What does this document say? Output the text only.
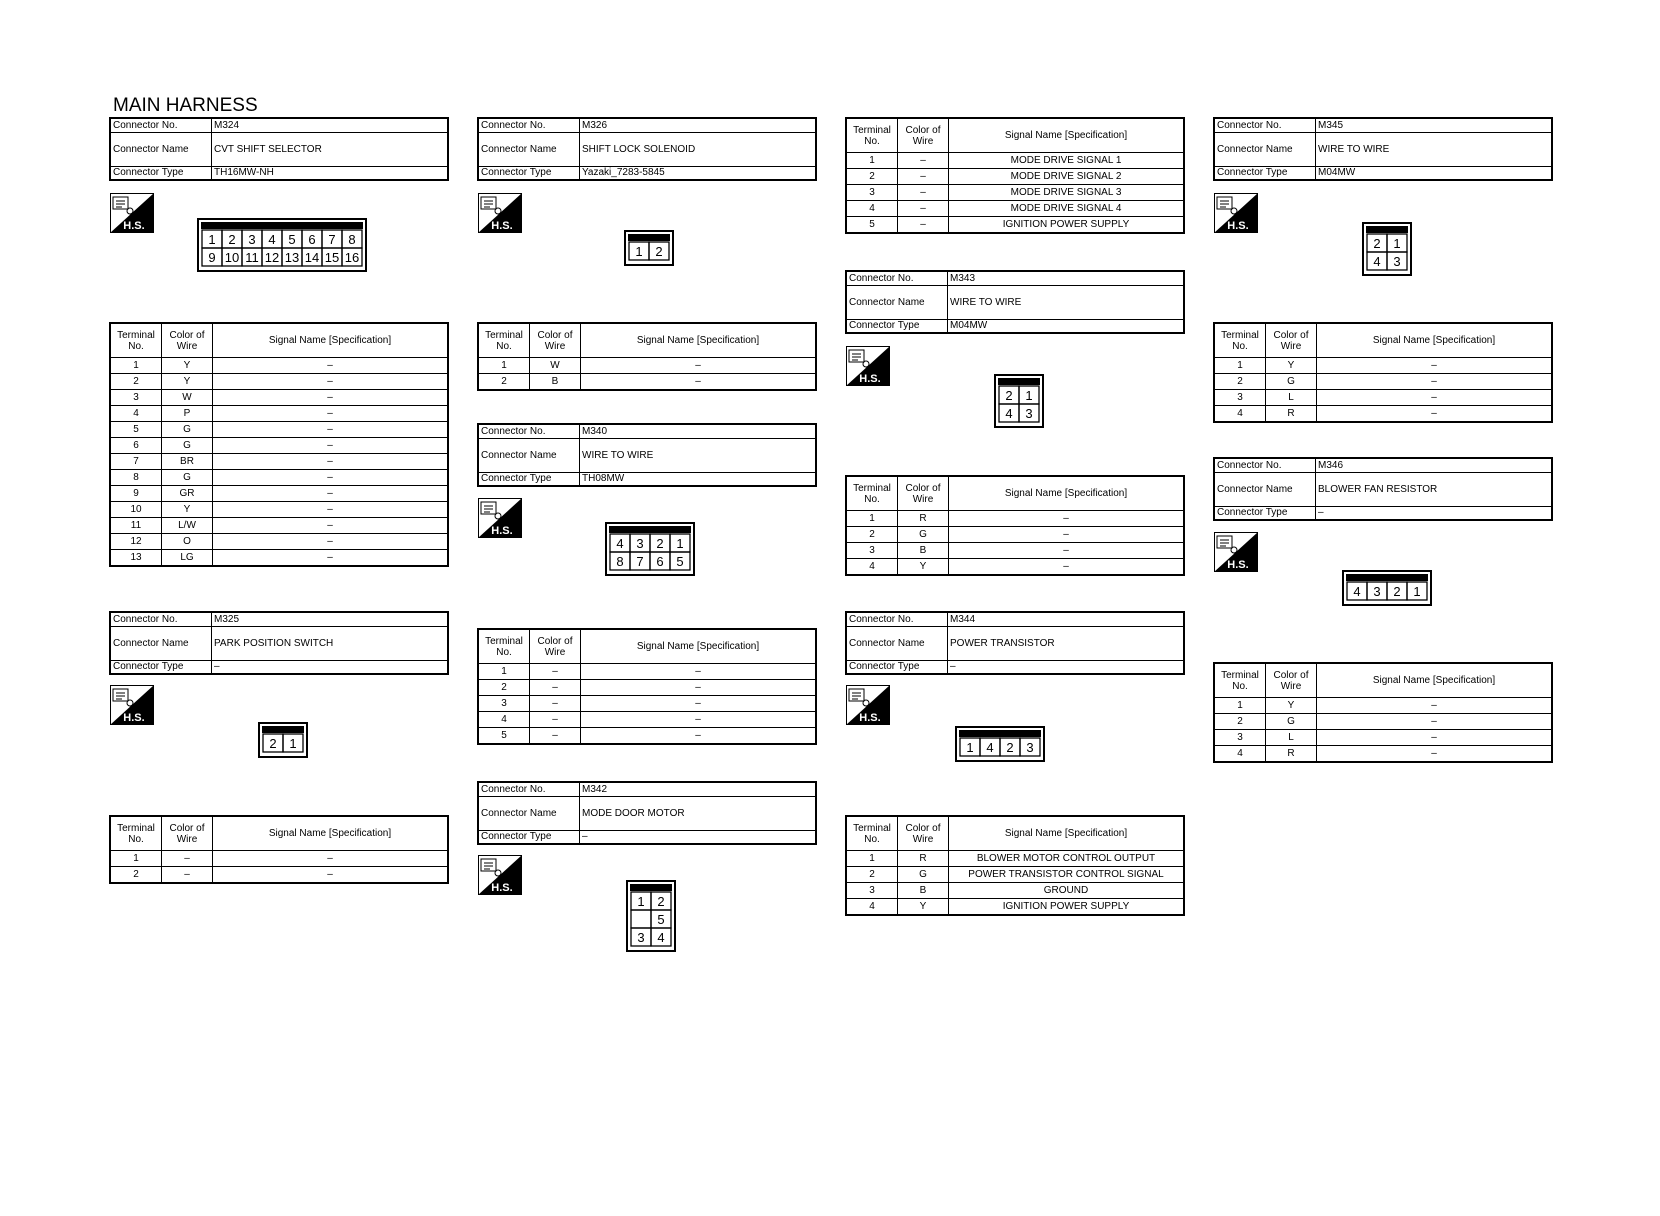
MAIN HARNESS
Connector No.	M324
Connector Name	CVT SHIFT SELECTOR
Connector Type	TH16MW-NH
H.S.
1 2 3 4 5 6 7 8
9 10 11 12 13 14 15 16
Terminal No.	Color of Wire	Signal Name [Specification]
1	Y	–
2	Y	–
3	W	–
4	P	–
5	G	–
6	G	–
7	BR	–
8	G	–
9	GR	–
10	Y	–
11	L/W	–
12	O	–
13	LG	–
Connector No.	M325
Connector Name	PARK POSITION SWITCH
Connector Type	–
H.S.
2 1
Terminal No.	Color of Wire	Signal Name [Specification]
1	–	–
2	–	–
Connector No.	M326
Connector Name	SHIFT LOCK SOLENOID
Connector Type	Yazaki_7283-5845
H.S.
1 2
Terminal No.	Color of Wire	Signal Name [Specification]
1	W	–
2	B	–
Connector No.	M340
Connector Name	WIRE TO WIRE
Connector Type	TH08MW
H.S.
4 3 2 1
8 7 6 5
Terminal No.	Color of Wire	Signal Name [Specification]
1	–	–
2	–	–
3	–	–
4	–	–
5	–	–
Connector No.	M342
Connector Name	MODE DOOR MOTOR
Connector Type	–
H.S.
1 2
5
3 4
Terminal No.	Color of Wire	Signal Name [Specification]
1	–	MODE DRIVE SIGNAL 1
2	–	MODE DRIVE SIGNAL 2
3	–	MODE DRIVE SIGNAL 3
4	–	MODE DRIVE SIGNAL 4
5	–	IGNITION POWER SUPPLY
Connector No.	M343
Connector Name	WIRE TO WIRE
Connector Type	M04MW
H.S.
2 1
4 3
Terminal No.	Color of Wire	Signal Name [Specification]
1	R	–
2	G	–
3	B	–
4	Y	–
Connector No.	M344
Connector Name	POWER TRANSISTOR
Connector Type	–
H.S.
1 4 2 3
Terminal No.	Color of Wire	Signal Name [Specification]
1	R	BLOWER MOTOR CONTROL OUTPUT
2	G	POWER TRANSISTOR CONTROL SIGNAL
3	B	GROUND
4	Y	IGNITION POWER SUPPLY
Connector No.	M345
Connector Name	WIRE TO WIRE
Connector Type	M04MW
H.S.
2 1
4 3
Terminal No.	Color of Wire	Signal Name [Specification]
1	Y	–
2	G	–
3	L	–
4	R	–
Connector No.	M346
Connector Name	BLOWER FAN RESISTOR
Connector Type	–
H.S.
4 3 2 1
Terminal No.	Color of Wire	Signal Name [Specification]
1	Y	–
2	G	–
3	L	–
4	R	–
